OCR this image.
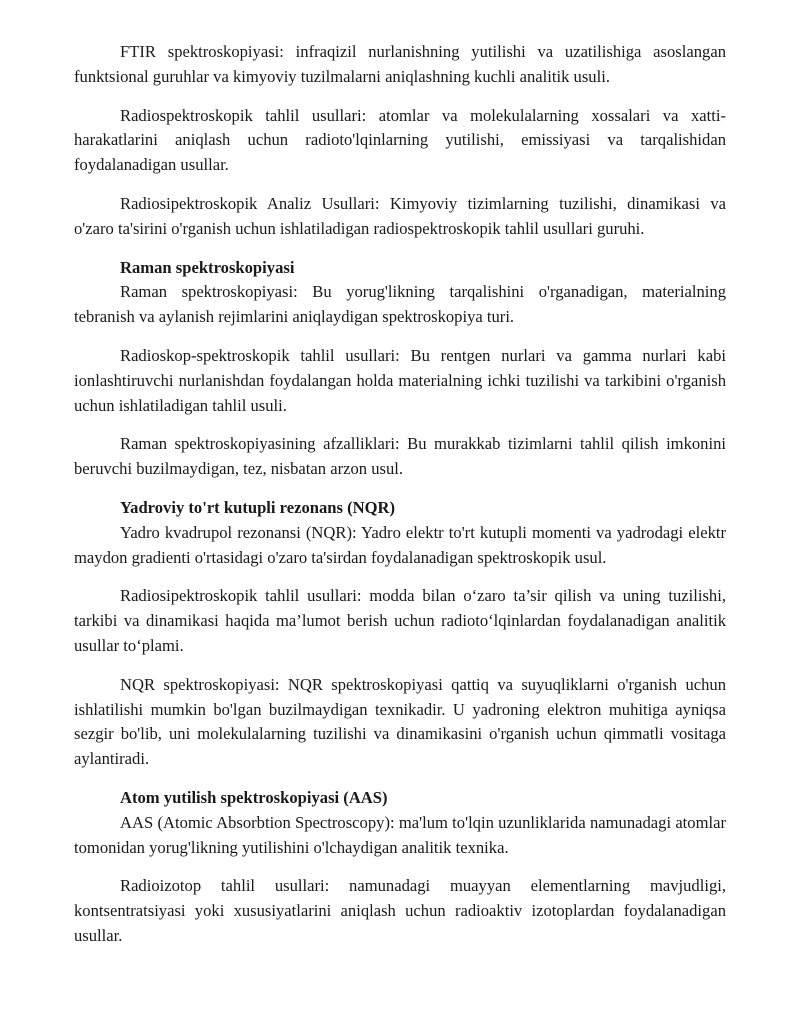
FTIR spektroskopiyasi: infraqizil nurlanishning yutilishi va uzatilishiga asoslangan funktsional guruhlar va kimyoviy tuzilmalarni aniqlashning kuchli analitik usuli.

Radiospektroskopik tahlil usullari: atomlar va molekulalarning xossalari va xatti-harakatlarini aniqlash uchun radioto'lqinlarning yutilishi, emissiyasi va tarqalishidan foydalanadigan usullar.

Radiosipektroskopik Analiz Usullari: Kimyoviy tizimlarning tuzilishi, dinamikasi va o'zaro ta'sirini o'rganish uchun ishlatiladigan radiospektroskopik tahlil usullari guruhi.

Raman spektroskopiyasi

Raman spektroskopiyasi: Bu yorug'likning tarqalishini o'rganadigan, materialning tebranish va aylanish rejimlarini aniqlaydigan spektroskopiya turi.

Radioskop-spektroskopik tahlil usullari: Bu rentgen nurlari va gamma nurlari kabi ionlashtiruvchi nurlanishdan foydalangan holda materialning ichki tuzilishi va tarkibini o'rganish uchun ishlatiladigan tahlil usuli.

Raman spektroskopiyasining afzalliklari: Bu murakkab tizimlarni tahlil qilish imkonini beruvchi buzilmaydigan, tez, nisbatan arzon usul.

Yadroviy to'rt kutupli rezonans (NQR)

Yadro kvadrupol rezonansi (NQR): Yadro elektr to'rt kutupli momenti va yadrodagi elektr maydon gradienti o'rtasidagi o'zaro ta'sirdan foydalanadigan spektroskopik usul.

Radiosipektroskopik tahlil usullari: modda bilan o‘zaro ta’sir qilish va uning tuzilishi, tarkibi va dinamikasi haqida ma’lumot berish uchun radioto‘lqinlardan foydalanadigan analitik usullar to‘plami.

NQR spektroskopiyasi: NQR spektroskopiyasi qattiq va suyuqliklarni o'rganish uchun ishlatilishi mumkin bo'lgan buzilmaydigan texnikadir. U yadroning elektron muhitiga ayniqsa sezgir bo'lib, uni molekulalarning tuzilishi va dinamikasini o'rganish uchun qimmatli vositaga aylantiradi.

Atom yutilish spektroskopiyasi (AAS)

AAS (Atomic Absorbtion Spectroscopy): ma'lum to'lqin uzunliklarida namunadagi atomlar tomonidan yorug'likning yutilishini o'lchaydigan analitik texnika.

Radioizotop tahlil usullari: namunadagi muayyan elementlarning mavjudligi, kontsentratsiyasi yoki xususiyatlarini aniqlash uchun radioaktiv izotoplardan foydalanadigan usullar.
